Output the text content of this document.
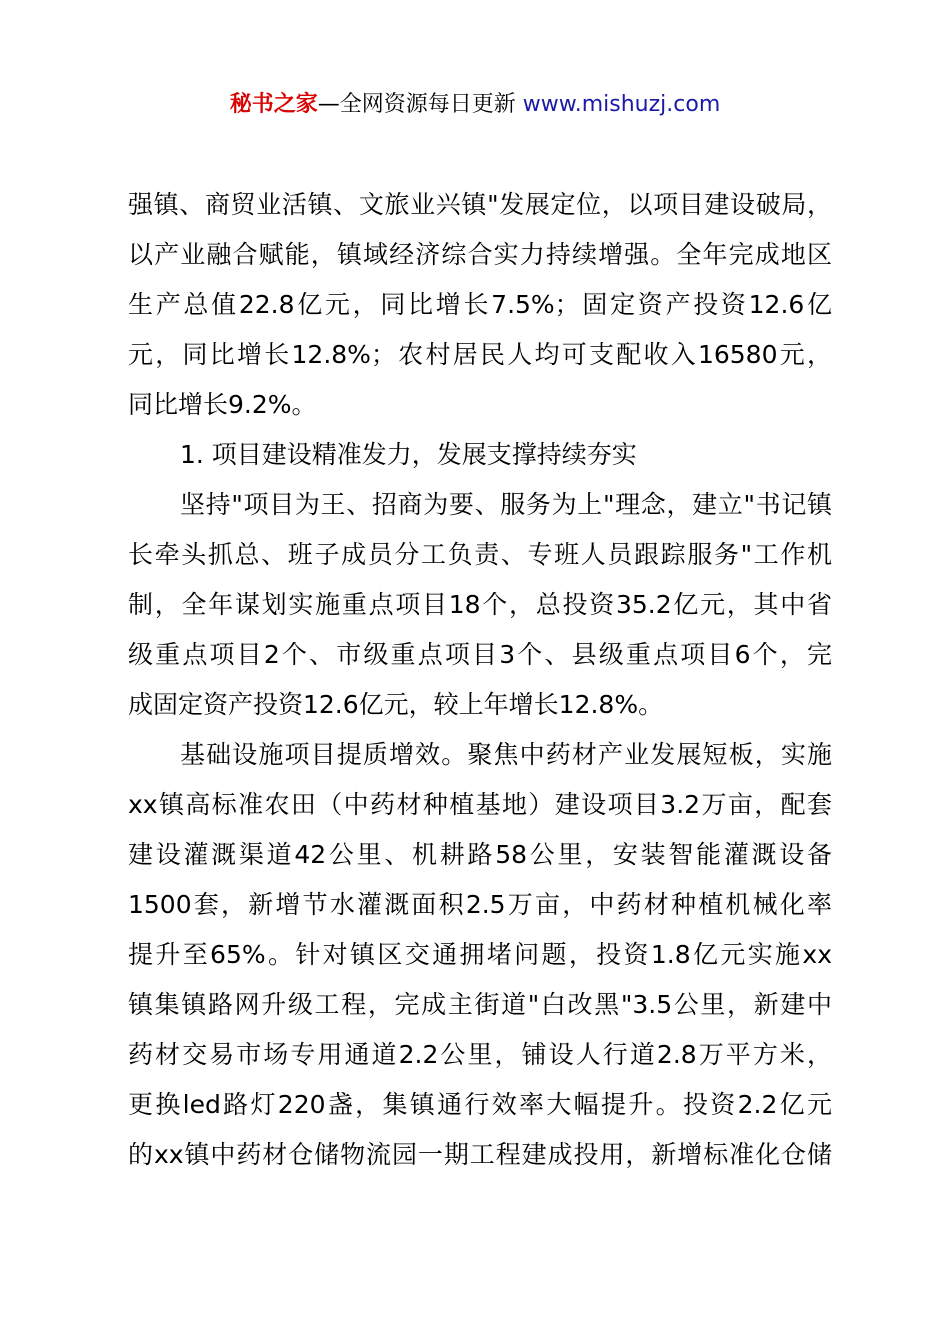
秘书之家—全网资源每日更新 www.mishuzj.com
强镇、商贸业活镇、文旅业兴镇"发展定位，以项目建设破局，
以产业融合赋能，镇域经济综合实力持续增强。全年完成地区
生产总值22.8亿元，同比增长7.5%；固定资产投资12.6亿
元，同比增长12.8%；农村居民人均可支配收入16580元，
同比增长9.2%。
1. 项目建设精准发力，发展支撑持续夯实
坚持"项目为王、招商为要、服务为上"理念，建立"书记镇
长牵头抓总、班子成员分工负责、专班人员跟踪服务"工作机
制，全年谋划实施重点项目18个，总投资35.2亿元，其中省
级重点项目2个、市级重点项目3个、县级重点项目6个，完
成固定资产投资12.6亿元，较上年增长12.8%。
基础设施项目提质增效。聚焦中药材产业发展短板，实施
xx镇高标准农田（中药材种植基地）建设项目3.2万亩，配套
建设灌溉渠道42公里、机耕路58公里，安装智能灌溉设备
1500套，新增节水灌溉面积2.5万亩，中药材种植机械化率
提升至65%。针对镇区交通拥堵问题，投资1.8亿元实施xx
镇集镇路网升级工程，完成主街道"白改黑"3.5公里，新建中
药材交易市场专用通道2.2公里，铺设人行道2.8万平方米，
更换led路灯220盏，集镇通行效率大幅提升。投资2.2亿元
的xx镇中药材仓储物流园一期工程建成投用，新增标准化仓储
